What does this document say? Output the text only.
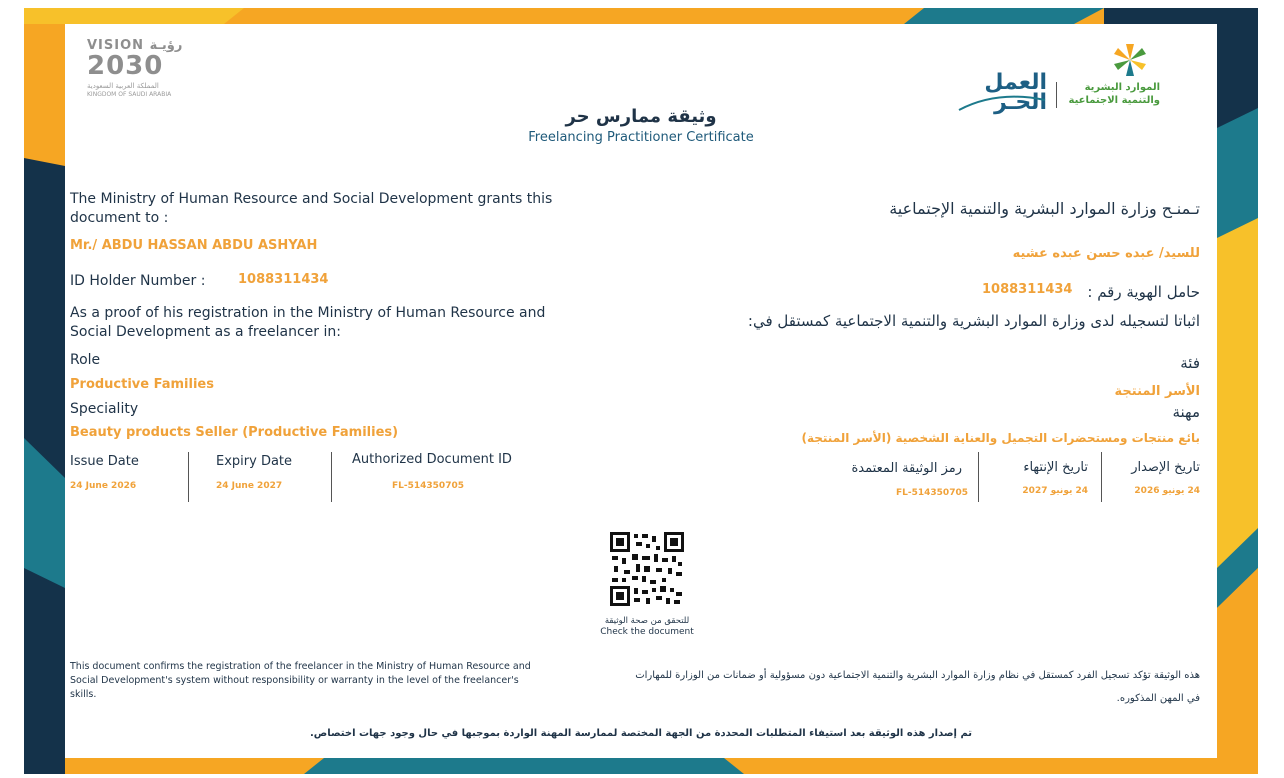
VISION رؤيـة
2030
المملكة العربية السعودية
KINGDOM OF SAUDI ARABIA	العمل
الحـر
الموارد البشرية
والتنمية الاجتماعية
وثيقة ممارس حر
Freelancing Practitioner Certificate
The Ministry of Human Resource and Social Development grants this document to :
Mr./ ABDU HASSAN ABDU ASHYAH
ID Holder Number :	1088311434
As a proof of his registration in the Ministry of Human Resource and Social Development as a freelancer in:
Role
Productive Families
Speciality
Beauty products Seller (Productive Families)
Issue Date
24 June 2026
Expiry Date
24 June 2027
Authorized Document ID
FL-514350705
تـمنـح وزارة الموارد البشرية والتنمية الإجتماعية
للسيد/ عبده حسن عبده عشيه
حامل الهوية رقم :
1088311434
اثباتا لتسجيله لدى وزارة الموارد البشرية والتنمية الاجتماعية كمستقل في:
فئة
الأسر المنتجة
مهنة
بائع منتجات ومستحضرات التجميل والعناية الشخصية (الأسر المنتجة)
تاريخ الإصدار
24 يونيو 2026
تاريخ الإنتهاء
24 يونيو 2027
رمز الوثيقة المعتمدة
FL-514350705
للتحقق من صحة الوثيقة
Check the document
This document confirms the registration of the freelancer in the Ministry of Human Resource and Social Development's system without responsibility or warranty in the level of the freelancer's skills.
هذه الوثيقة تؤكد تسجيل الفرد كمستقل في نظام وزارة الموارد البشرية والتنمية الاجتماعية دون مسؤولية أو ضمانات من الوزارة للمهارات في المهن المذكوره.
تم إصدار هذه الوثيقة بعد استيفاء المتطلبات المحددة من الجهة المختصة لممارسة المهنة الواردة بموجبها في حال وجود جهات اختصاص.
